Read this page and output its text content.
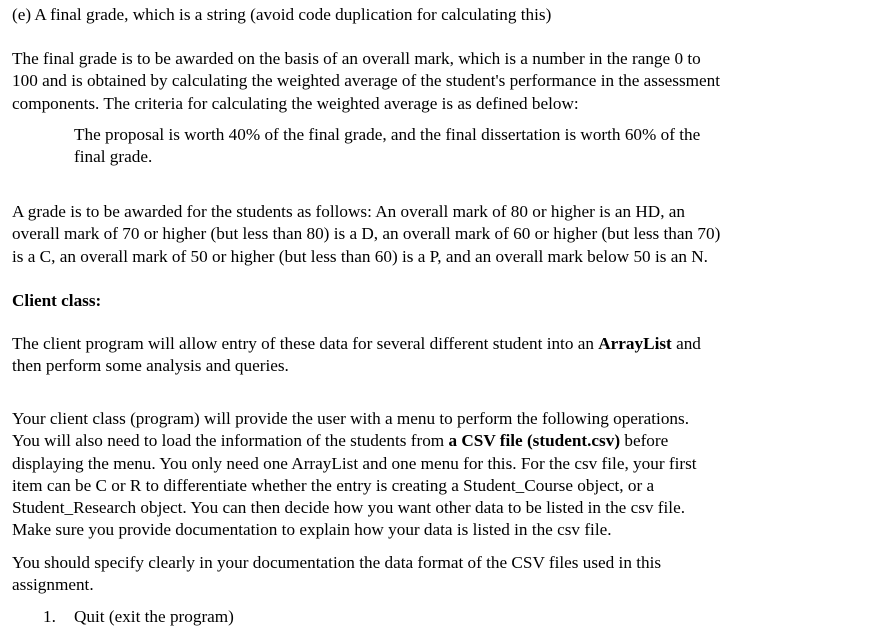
(e) A final grade, which is a string (avoid code duplication for calculating this)

The final grade is to be awarded on the basis of an overall mark, which is a number in the range 0 to

100 and is obtained by calculating the weighted average of the student's performance in the assessment

components. The criteria for calculating the weighted average is as defined below:

The proposal is worth 40% of the final grade, and the final dissertation is worth 60% of the

final grade.

A grade is to be awarded for the students as follows: An overall mark of 80 or higher is an HD, an

overall mark of 70 or higher (but less than 80) is a D, an overall mark of 60 or higher (but less than 70)

is a C, an overall mark of 50 or higher (but less than 60) is a P, and an overall mark below 50 is an N.

Client class:

The client program will allow entry of these data for several different student into an ArrayList and

then perform some analysis and queries.

Your client class (program) will provide the user with a menu to perform the following operations.

You will also need to load the information of the students from a CSV file (student.csv) before

displaying the menu. You only need one ArrayList and one menu for this. For the csv file, your first

item can be C or R to differentiate whether the entry is creating a Student_Course object, or a

Student_Research object. You can then decide how you want other data to be listed in the csv file.

Make sure you provide documentation to explain how your data is listed in the csv file.

You should specify clearly in your documentation the data format of the CSV files used in this

assignment.

1. Quit (exit the program)
